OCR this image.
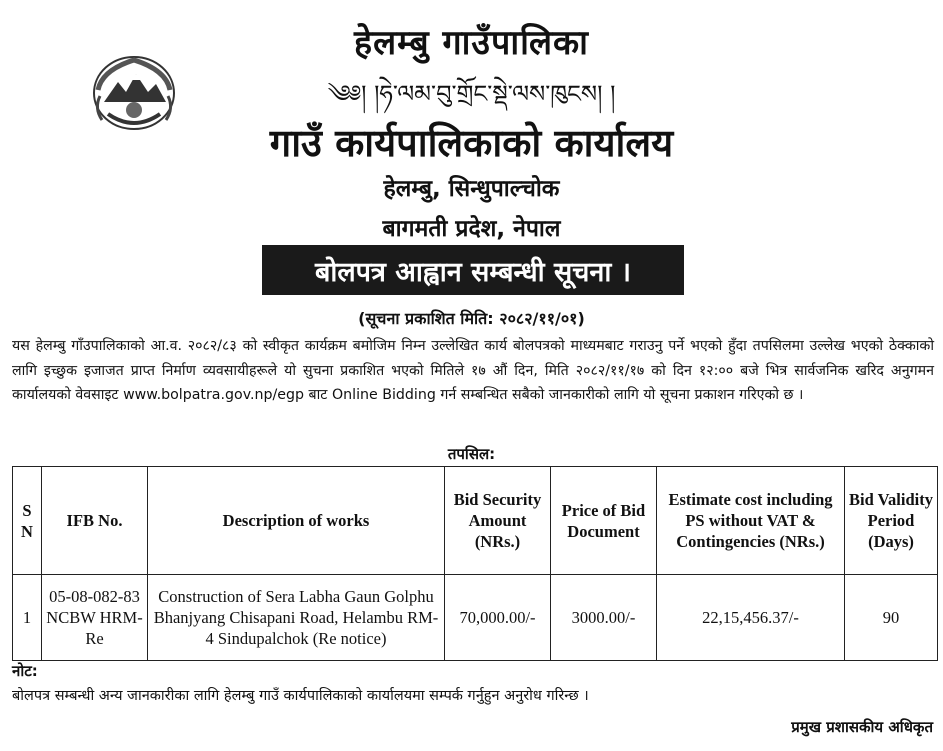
हेलम्बु गाउँपालिका
༄༅། །ཧེ་ལམ་བུ་གྲོང་སྡེ་ལས་ཁུངས། །
गाउँ कार्यपालिकाको कार्यालय
हेलम्बु, सिन्धुपाल्चोक
बागमती प्रदेश, नेपाल
बोलपत्र आह्वान सम्बन्धी सूचना ।
(सूचना प्रकाशित मिति: २०८२/११/०१)
यस हेलम्बु गाँउपालिकाको आ.व. २०८२/८३ को स्वीकृत कार्यक्रम बमोजिम निम्न उल्लेखित कार्य बोलपत्रको माध्यमबाट गराउनु पर्ने भएको हुँदा तपसिलमा उल्लेख भएको ठेक्काको लागि इच्छुक इजाजत प्राप्त निर्माण व्यवसायीहरूले यो सुचना प्रकाशित भएको मितिले १७ औं दिन, मिति २०८२/११/१७ को दिन १२:०० बजे भित्र सार्वजनिक खरिद अनुगमन कार्यालयको वेवसाइट www.bolpatra.gov.np/egp बाट Online Bidding गर्न सम्बन्धित सबैको जानकारीको लागि यो सूचना प्रकाशन गरिएको छ ।
तपसिल:
S N	IFB No.	Description of works	Bid Security Amount (NRs.)	Price of Bid Document	Estimate cost including PS without VAT & Contingencies (NRs.)	Bid Validity Period (Days)
1	05-08-082-83 NCBW HRM-Re	Construction of Sera Labha Gaun Golphu Bhanjyang Chisapani Road, Helambu RM-4 Sindupalchok (Re notice)	70,000.00/-	3000.00/-	22,15,456.37/-	90
नोट:
बोलपत्र सम्बन्धी अन्य जानकारीका लागि हेलम्बु गाउँ कार्यपालिकाको कार्यालयमा सम्पर्क गर्नुहुन अनुरोध गरिन्छ ।
प्रमुख प्रशासकीय अधिकृत
